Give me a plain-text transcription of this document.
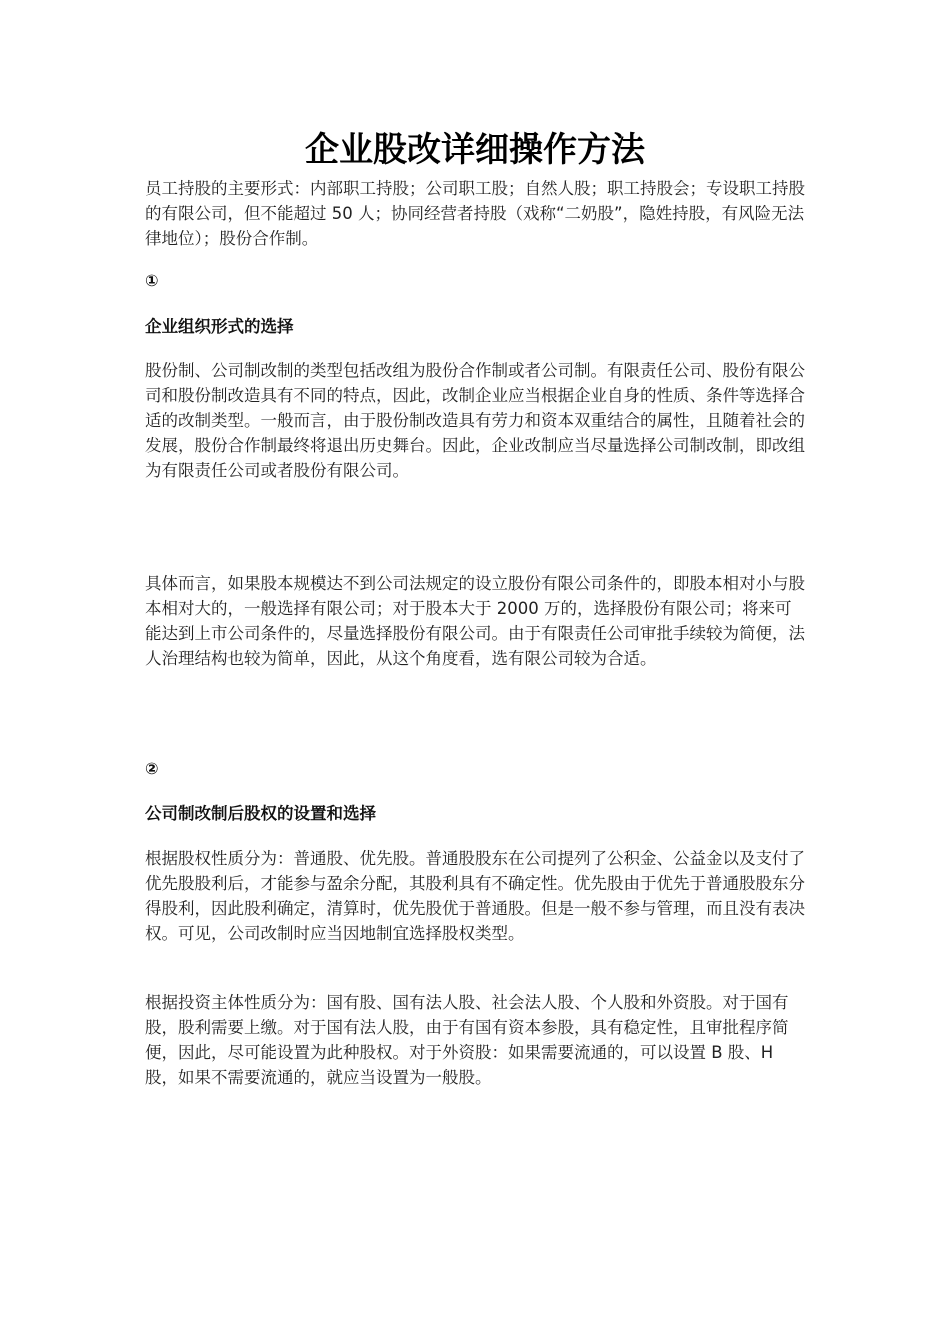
企业股改详细操作方法

员工持股的主要形式：内部职工持股；公司职工股；自然人股；职工持股会；专设职工持股的有限公司，但不能超过 50 人；协同经营者持股（戏称“二奶股”，隐姓持股，有风险无法律地位）；股份合作制。

①

企业组织形式的选择

股份制、公司制改制的类型包括改组为股份合作制或者公司制。有限责任公司、股份有限公司和股份制改造具有不同的特点，因此，改制企业应当根据企业自身的性质、条件等选择合适的改制类型。一般而言，由于股份制改造具有劳力和资本双重结合的属性，且随着社会的发展，股份合作制最终将退出历史舞台。因此，企业改制应当尽量选择公司制改制，即改组为有限责任公司或者股份有限公司。

具体而言，如果股本规模达不到公司法规定的设立股份有限公司条件的，即股本相对小与股本相对大的，一般选择有限公司；对于股本大于 2000 万的，选择股份有限公司；将来可能达到上市公司条件的，尽量选择股份有限公司。由于有限责任公司审批手续较为简便，法人治理结构也较为简单，因此，从这个角度看，选有限公司较为合适。

②

公司制改制后股权的设置和选择

根据股权性质分为：普通股、优先股。普通股股东在公司提列了公积金、公益金以及支付了优先股股利后，才能参与盈余分配，其股利具有不确定性。优先股由于优先于普通股股东分得股利，因此股利确定，清算时，优先股优于普通股。但是一般不参与管理，而且没有表决权。可见，公司改制时应当因地制宜选择股权类型。

根据投资主体性质分为：国有股、国有法人股、社会法人股、个人股和外资股。对于国有股，股利需要上缴。对于国有法人股，由于有国有资本参股，具有稳定性，且审批程序简便，因此，尽可能设置为此种股权。对于外资股：如果需要流通的，可以设置 B 股、H 股，如果不需要流通的，就应当设置为一般股。
